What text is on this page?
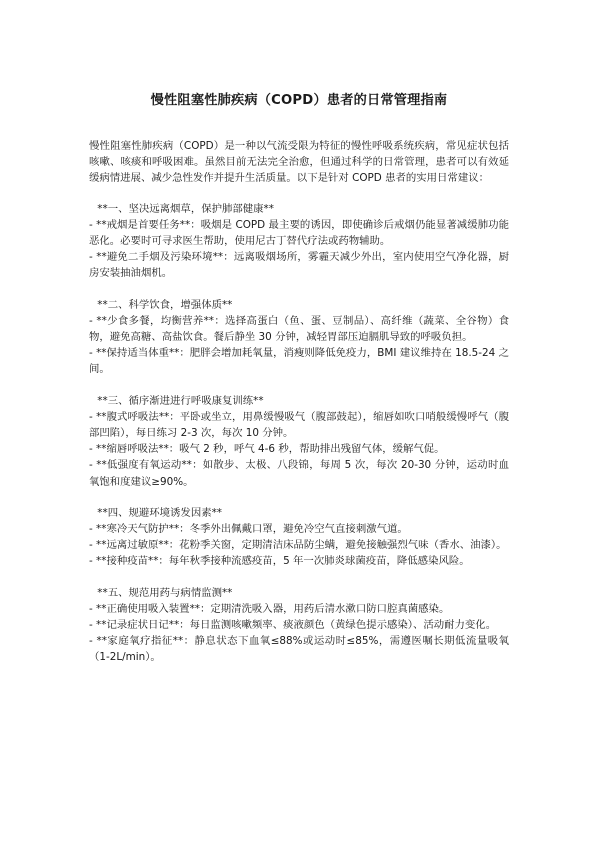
慢性阻塞性肺疾病（COPD）患者的日常管理指南

慢性阻塞性肺疾病（COPD）是一种以气流受限为特征的慢性呼吸系统疾病，常见症状包括咳嗽、咳痰和呼吸困难。虽然目前无法完全治愈，但通过科学的日常管理，患者可以有效延缓病情进展、减少急性发作并提升生活质量。以下是针对 COPD 患者的实用日常建议：

**一、坚决远离烟草，保护肺部健康**

- **戒烟是首要任务**：吸烟是 COPD 最主要的诱因，即使确诊后戒烟仍能显著减缓肺功能恶化。必要时可寻求医生帮助，使用尼古丁替代疗法或药物辅助。

- **避免二手烟及污染环境**：远离吸烟场所，雾霾天减少外出，室内使用空气净化器，厨房安装抽油烟机。

**二、科学饮食，增强体质**

- **少食多餐，均衡营养**：选择高蛋白（鱼、蛋、豆制品）、高纤维（蔬菜、全谷物）食物，避免高糖、高盐饮食。餐后静坐 30 分钟，减轻胃部压迫膈肌导致的呼吸负担。

- **保持适当体重**：肥胖会增加耗氧量，消瘦则降低免疫力，BMI 建议维持在 18.5-24 之间。

**三、循序渐进进行呼吸康复训练**

- **腹式呼吸法**：平卧或坐立，用鼻缓慢吸气（腹部鼓起），缩唇如吹口哨般缓慢呼气（腹部凹陷），每日练习 2-3 次，每次 10 分钟。

- **缩唇呼吸法**：吸气 2 秒，呼气 4-6 秒，帮助排出残留气体，缓解气促。

- **低强度有氧运动**：如散步、太极、八段锦，每周 5 次，每次 20-30 分钟，运动时血氧饱和度建议≥90%。

**四、规避环境诱发因素**

- **寒冷天气防护**：冬季外出佩戴口罩，避免冷空气直接刺激气道。

- **远离过敏原**：花粉季关窗，定期清洁床品防尘螨，避免接触强烈气味（香水、油漆）。

- **接种疫苗**：每年秋季接种流感疫苗，5 年一次肺炎球菌疫苗，降低感染风险。

**五、规范用药与病情监测**

- **正确使用吸入装置**：定期清洗吸入器，用药后清水漱口防口腔真菌感染。

- **记录症状日记**：每日监测咳嗽频率、痰液颜色（黄绿色提示感染）、活动耐力变化。

- **家庭氧疗指征**：静息状态下血氧≤88%或运动时≤85%，需遵医嘱长期低流量吸氧（1-2L/min）。
